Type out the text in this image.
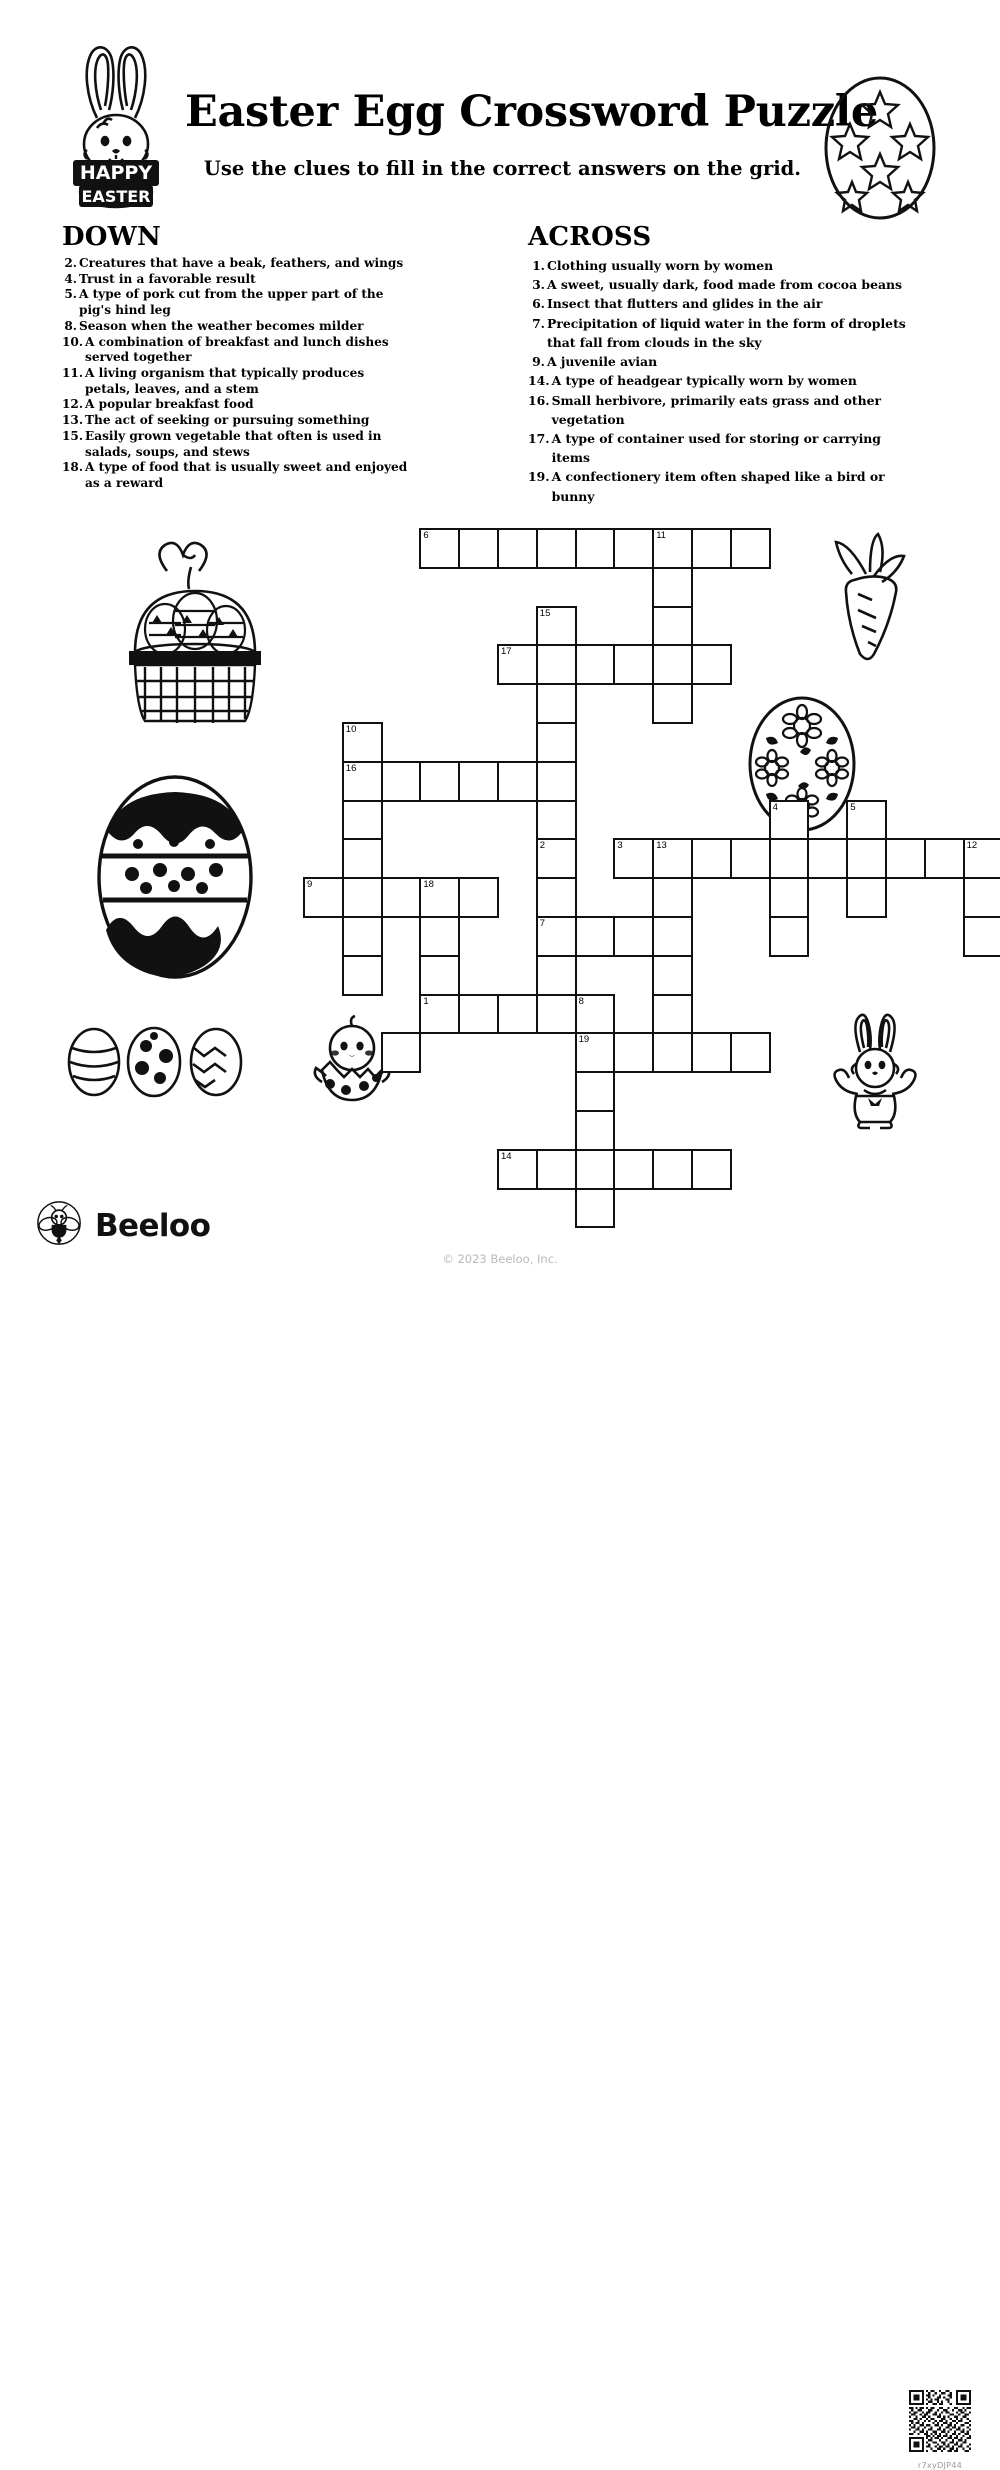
HAPPY
EASTER
Easter Egg Crossword Puzzle

Use the clues to fill in the correct answers on the grid.

DOWN
2. Creatures that have a beak, feathers, and wings
4. Trust in a favorable result
5. A type of pork cut from the upper part of the pig's hind leg
8. Season when the weather becomes milder
10. A combination of breakfast and lunch dishes served together
11. A living organism that typically produces petals, leaves, and a stem
12. A popular breakfast food
13. The act of seeking or pursuing something
15. Easily grown vegetable that often is used in salads, soups, and stews
18. A type of food that is usually sweet and enjoyed as a reward
ACROSS
1. Clothing usually worn by women
3. A sweet, usually dark, food made from cocoa beans
6. Insect that flutters and glides in the air
7. Precipitation of liquid water in the form of droplets that fall from clouds in the sky
9. A juvenile avian
14. A type of headgear typically worn by women
16. Small herbivore, primarily eats grass and other vegetation
17. A type of container used for storing or carrying items
19. A confectionery item often shaped like a bird or bunny
6	11
15
17
10
16
4	5
2
7
3	13	12
9	18
1	8
19
14
Beeloo
r7xyDJP44
© 2023 Beeloo, Inc.
